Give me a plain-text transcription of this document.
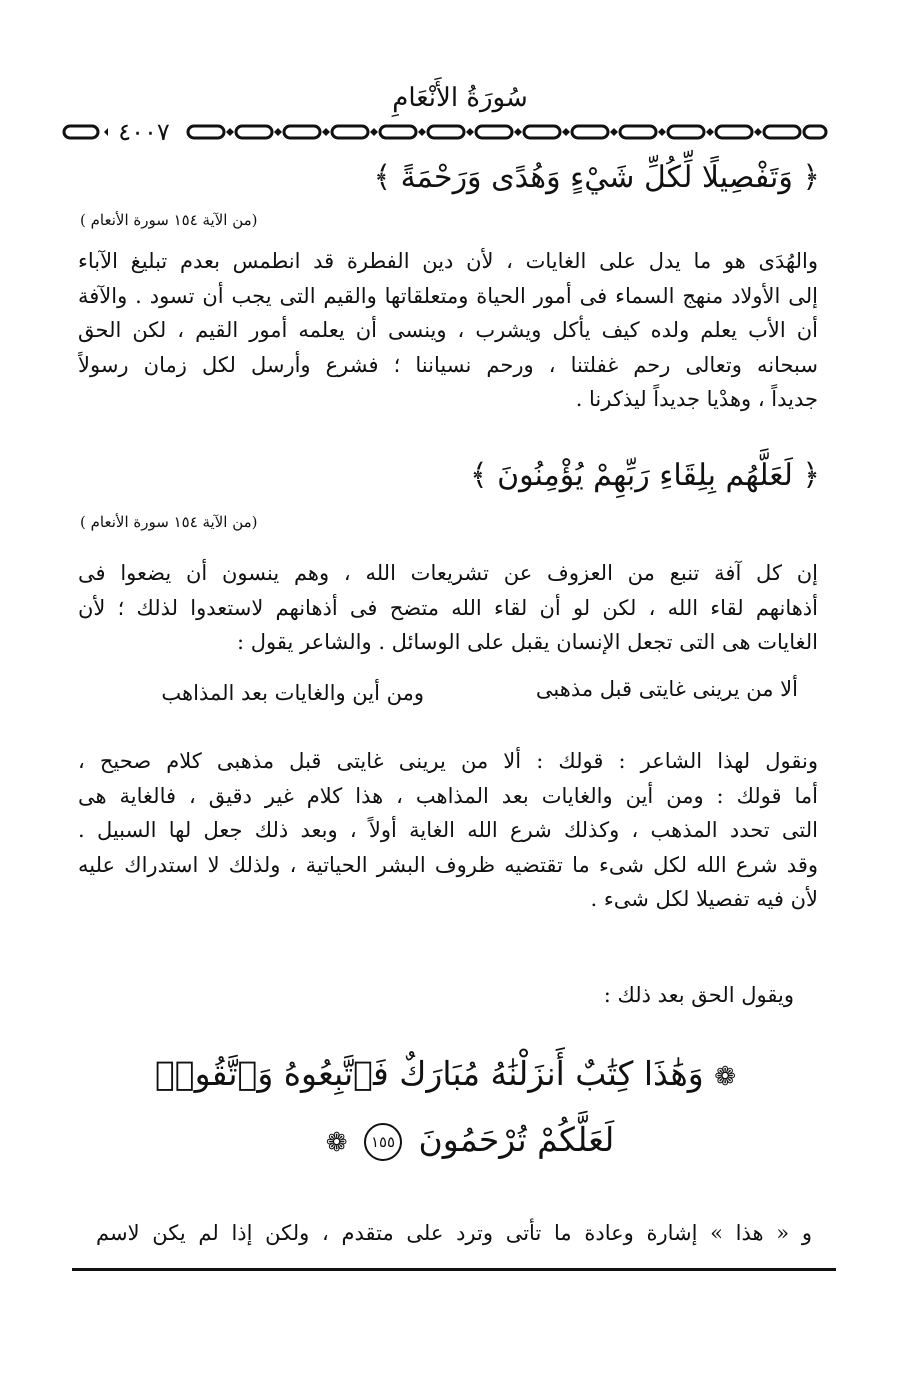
سُورَةُ الأَنْعَامِ
٤٠٠٧
﴿ وَتَفْصِيلًا لِّكُلِّ شَيْءٍ وَهُدًى وَرَحْمَةً ﴾
(من الآية ١٥٤ سورة الأنعام )
والهُدَى هو ما يدل على الغايات ، لأن دين الفطرة قد انطمس بعدم تبليغ الآباء
إلى الأولاد منهج السماء فى أمور الحياة ومتعلقاتها والقيم التى يجب أن تسود . والآفة
أن الأب يعلم ولده كيف يأكل ويشرب ، وينسى أن يعلمه أمور القيم ، لكن الحق
سبحانه وتعالى رحم غفلتنا ، ورحم نسياننا ؛ فشرع وأرسل لكل زمان رسولاً
جديداً ، وهدْيا جديداً ليذكرنا .
﴿ لَعَلَّهُم بِلِقَاءِ رَبِّهِمْ يُؤْمِنُونَ ﴾
(من الآية ١٥٤ سورة الأنعام )
إن كل آفة تنبع من العزوف عن تشريعات الله ، وهم ينسون أن يضعوا فى
أذهانهم لقاء الله ، لكن لو أن لقاء الله متضح فى أذهانهم لاستعدوا لذلك ؛ لأن
الغايات هى التى تجعل الإنسان يقبل على الوسائل . والشاعر يقول :
ألا من يرينى غايتى قبل مذهبى
ومن أين والغايات بعد المذاهب
ونقول لهذا الشاعر : قولك : ألا من يرينى غايتى قبل مذهبى كلام صحيح ،
أما قولك : ومن أين والغايات بعد المذاهب ، هذا كلام غير دقيق ، فالغاية هى
التى تحدد المذهب ، وكذلك شرع الله الغاية أولاً ، وبعد ذلك جعل لها السبيل .
وقد شرع الله لكل شىء ما تقتضيه ظروف البشر الحياتية ، ولذلك لا استدراك عليه
لأن فيه تفصيلا لكل شىء .
ويقول الحق بعد ذلك :
❁ وَهَٰذَا كِتَٰبٌ أَنزَلْنَٰهُ مُبَارَكٌ فَٱتَّبِعُوهُ وَٱتَّقُوا۟
لَعَلَّكُمْ تُرْحَمُونَ ١٥٥ ❁
و « هذا » إشارة وعادة ما تأتى وترد على متقدم ، ولكن إذا لم يكن لاسم
